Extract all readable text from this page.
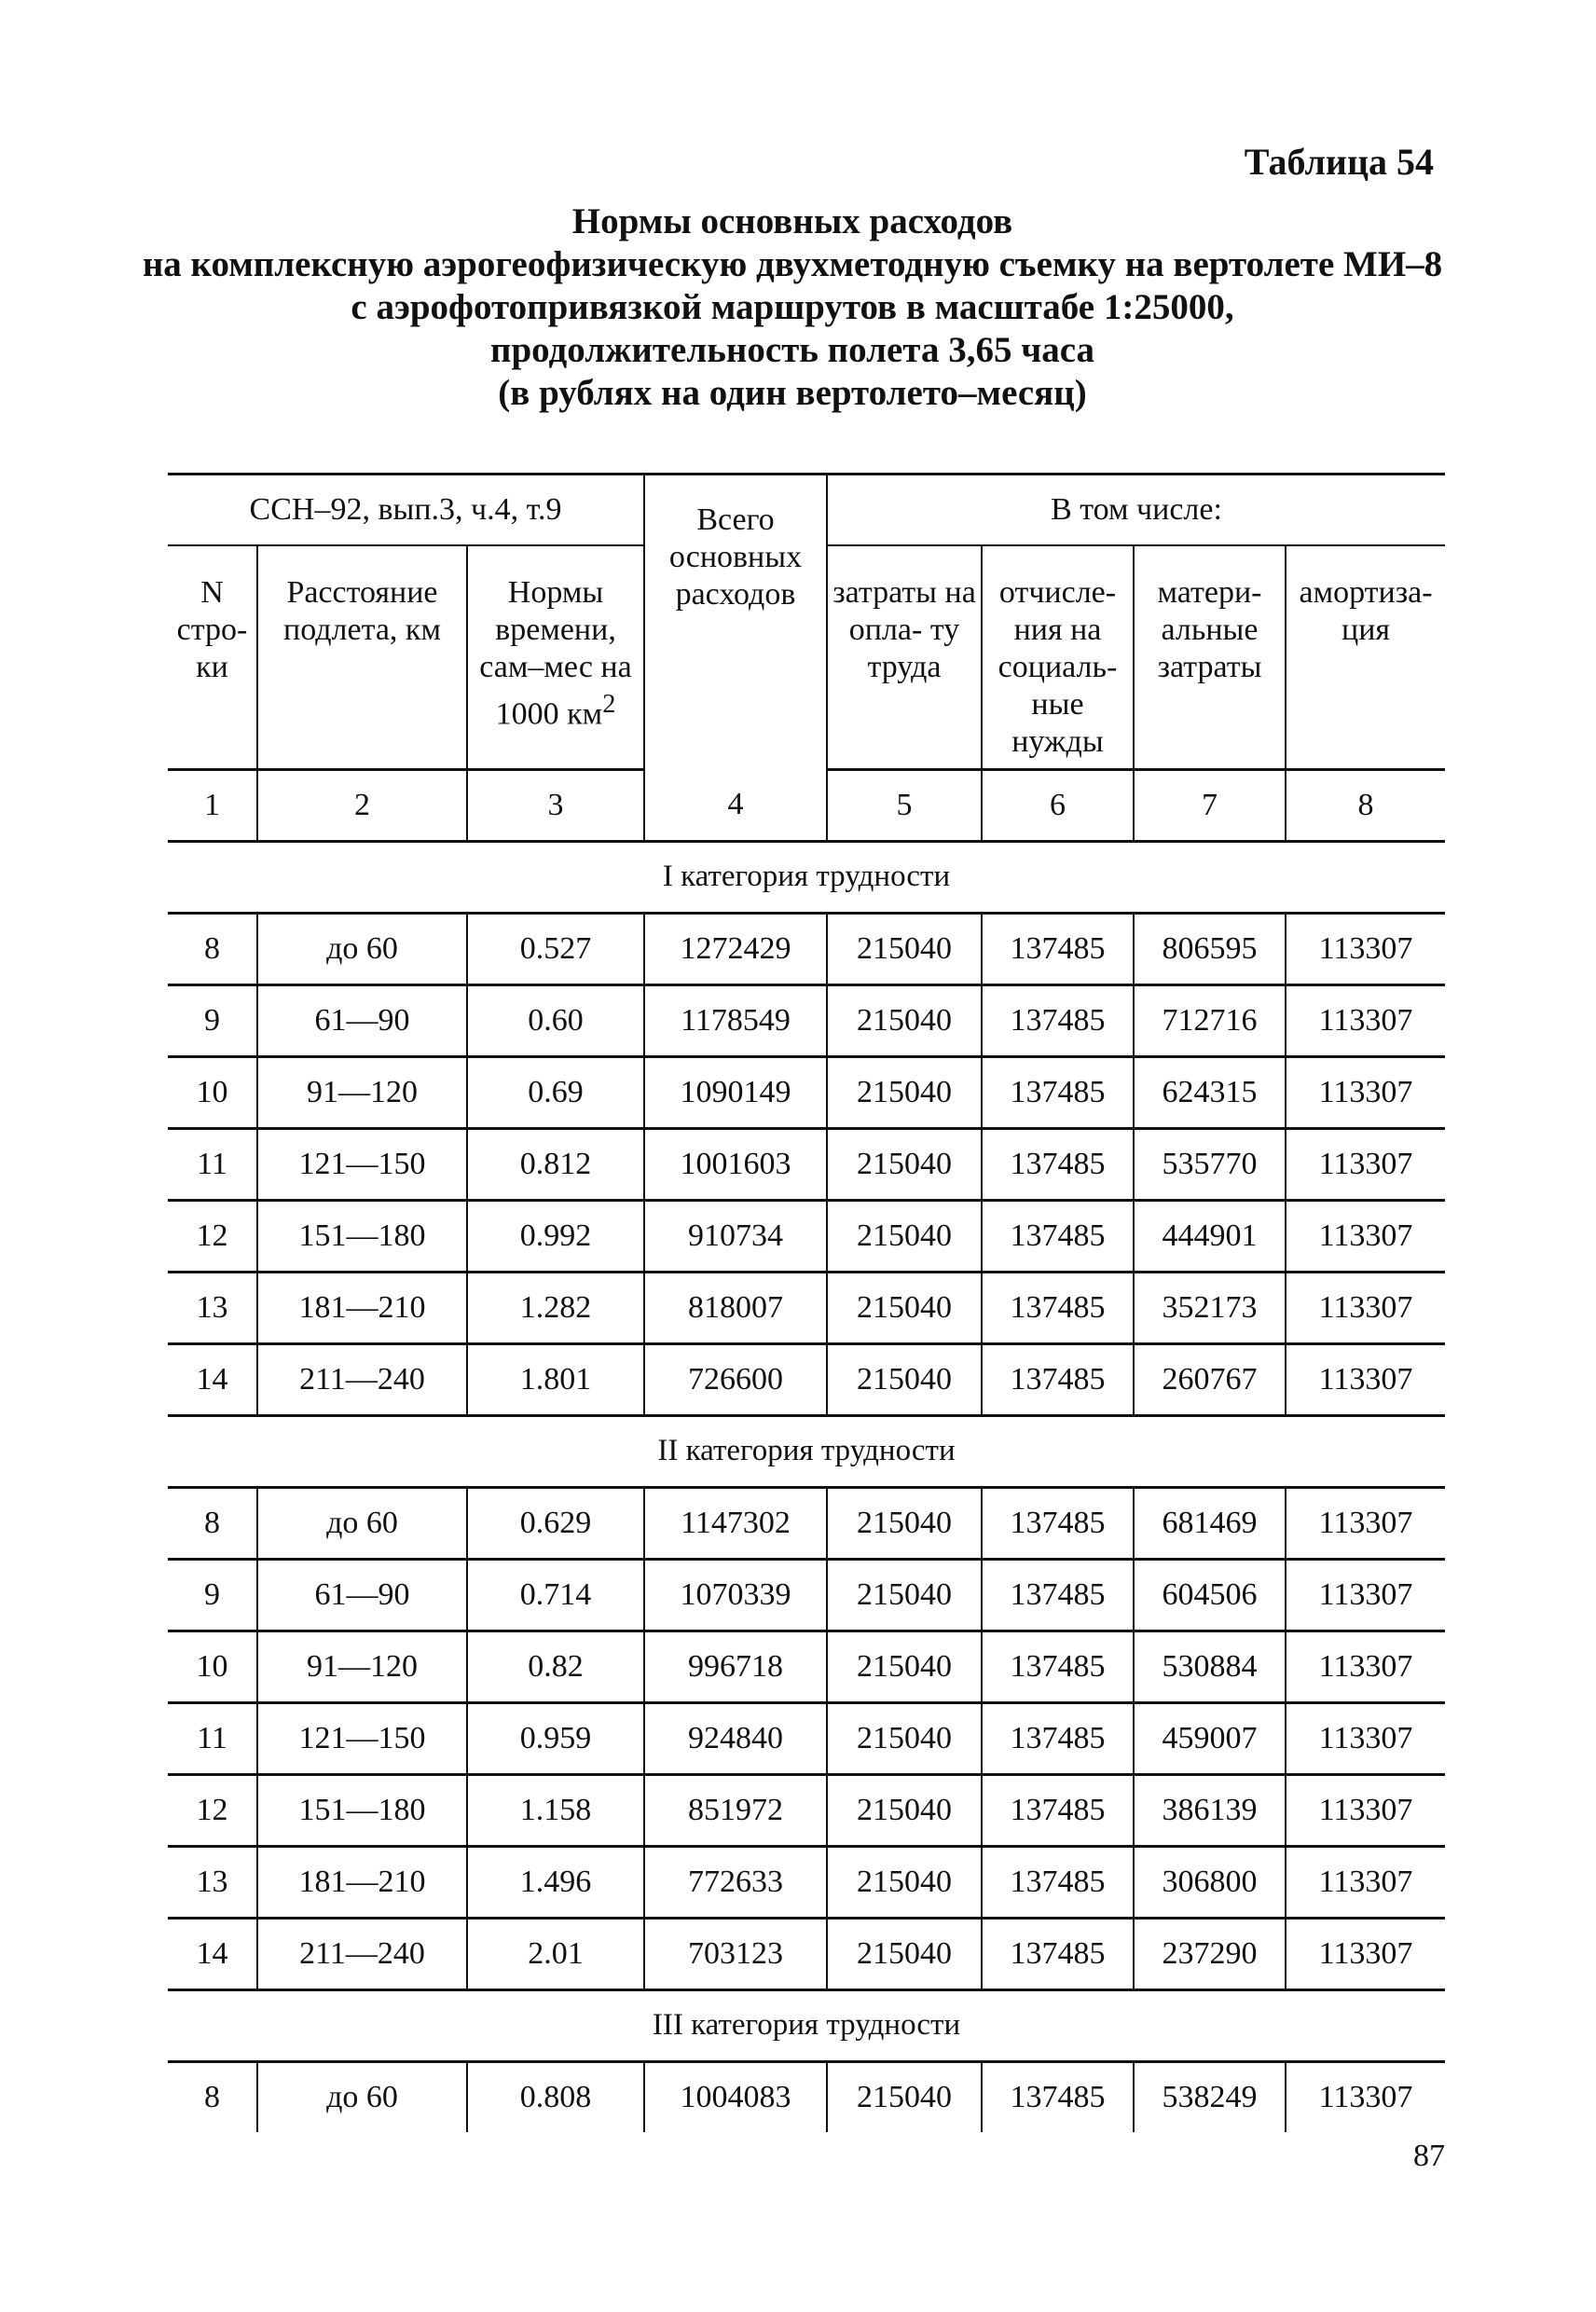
Таблица 54
Нормы основных расходов
на комплексную аэрогеофизическую двухметодную съемку на вертолете МИ–8
с аэрофотопривязкой маршрутов в масштабе 1:25000,
продолжительность полета 3,65 часа
(в рублях на один вертолето–месяц)
ССН–92, вып.3, ч.4, т.9			Всего основных расходов	В том числе:			
N стро- ки	Расстояние подлета, км	Нормы времени, сам–мес на 1000 $км^2$		затраты на опла- ту труда	отчисле- ния на социаль- ные нужды	матери- альные затраты	амортиза- ция
1	2	3	4	5	6	7	8
I категория трудности							
8	до 60	0.527	1272429	215040	137485	806595	113307
9	61—90	0.60	1178549	215040	137485	712716	113307
10	91—120	0.69	1090149	215040	137485	624315	113307
11	121—150	0.812	1001603	215040	137485	535770	113307
12	151—180	0.992	910734	215040	137485	444901	113307
13	181—210	1.282	818007	215040	137485	352173	113307
14	211—240	1.801	726600	215040	137485	260767	113307
II категория трудности							
8	до 60	0.629	1147302	215040	137485	681469	113307
9	61—90	0.714	1070339	215040	137485	604506	113307
10	91—120	0.82	996718	215040	137485	530884	113307
11	121—150	0.959	924840	215040	137485	459007	113307
12	151—180	1.158	851972	215040	137485	386139	113307
13	181—210	1.496	772633	215040	137485	306800	113307
14	211—240	2.01	703123	215040	137485	237290	113307
III категория трудности							
8	до 60	0.808	1004083	215040	137485	538249	113307
87
